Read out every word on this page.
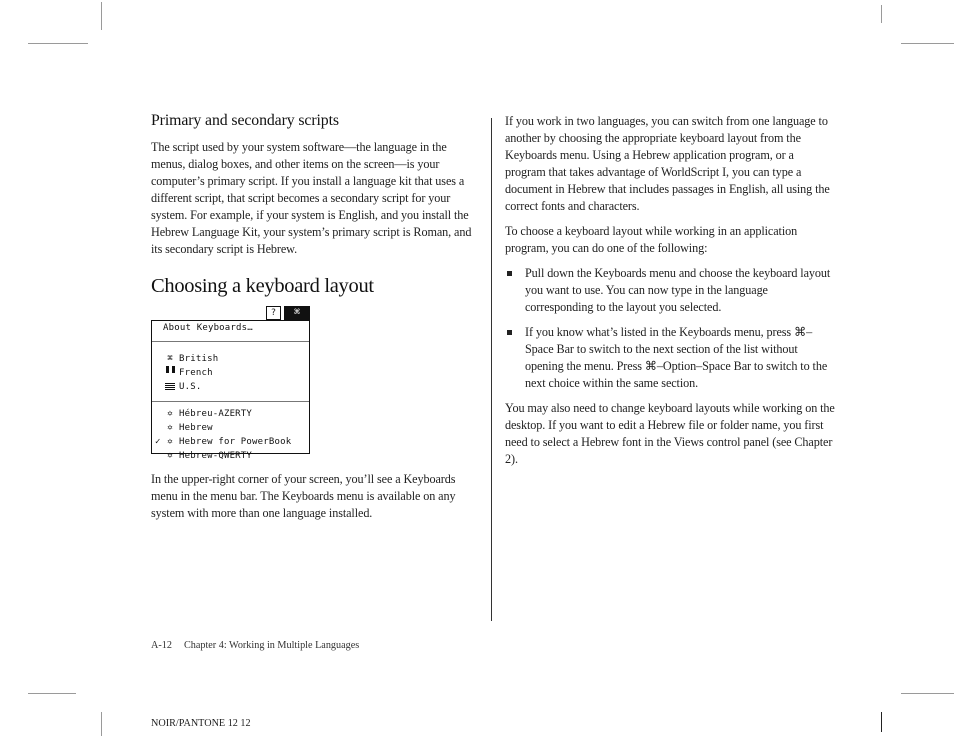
Primary and secondary scripts

The script used by your system software—the language in the menus, dialog boxes, and other items on the screen—is your computer’s primary script. If you install a language kit that uses a different script, that script becomes a secondary script for your system. For example, if your system is English, and you install the Hebrew Language Kit, your system’s primary script is Roman, and its secondary script is Hebrew.

Choosing a keyboard layout
?	⌘
About Keyboards…
⌘ British
French
U.S.
✡ Hébreu-AZERTY
✡ Hebrew
✓ ✡ Hebrew for PowerBook
✡ Hebrew-QWERTY

In the upper-right corner of your screen, you’ll see a Keyboards menu in the menu bar. The Keyboards menu is available on any system with more than one language installed.

If you work in two languages, you can switch from one language to another by choosing the appropriate keyboard layout from the Keyboards menu. Using a Hebrew application program, or a program that takes advantage of WorldScript I, you can type a document in Hebrew that includes passages in English, all using the correct fonts and characters.

To choose a keyboard layout while working in an application program, you can do one of the following:

Pull down the Keyboards menu and choose the keyboard layout you want to use. You can now type in the language corresponding to the layout you selected.
If you know what’s listed in the Keyboards menu, press ⌘–Space Bar to switch to the next section of the list without opening the menu. Press ⌘–Option–Space Bar to switch to the next choice within the same section.

You may also need to change keyboard layouts while working on the desktop. If you want to edit a Hebrew file or folder name, you first need to select a Hebrew font in the Views control panel (see Chapter 2).

A-12 Chapter 4: Working in Multiple Languages
NOIR/PANTONE 12 12
